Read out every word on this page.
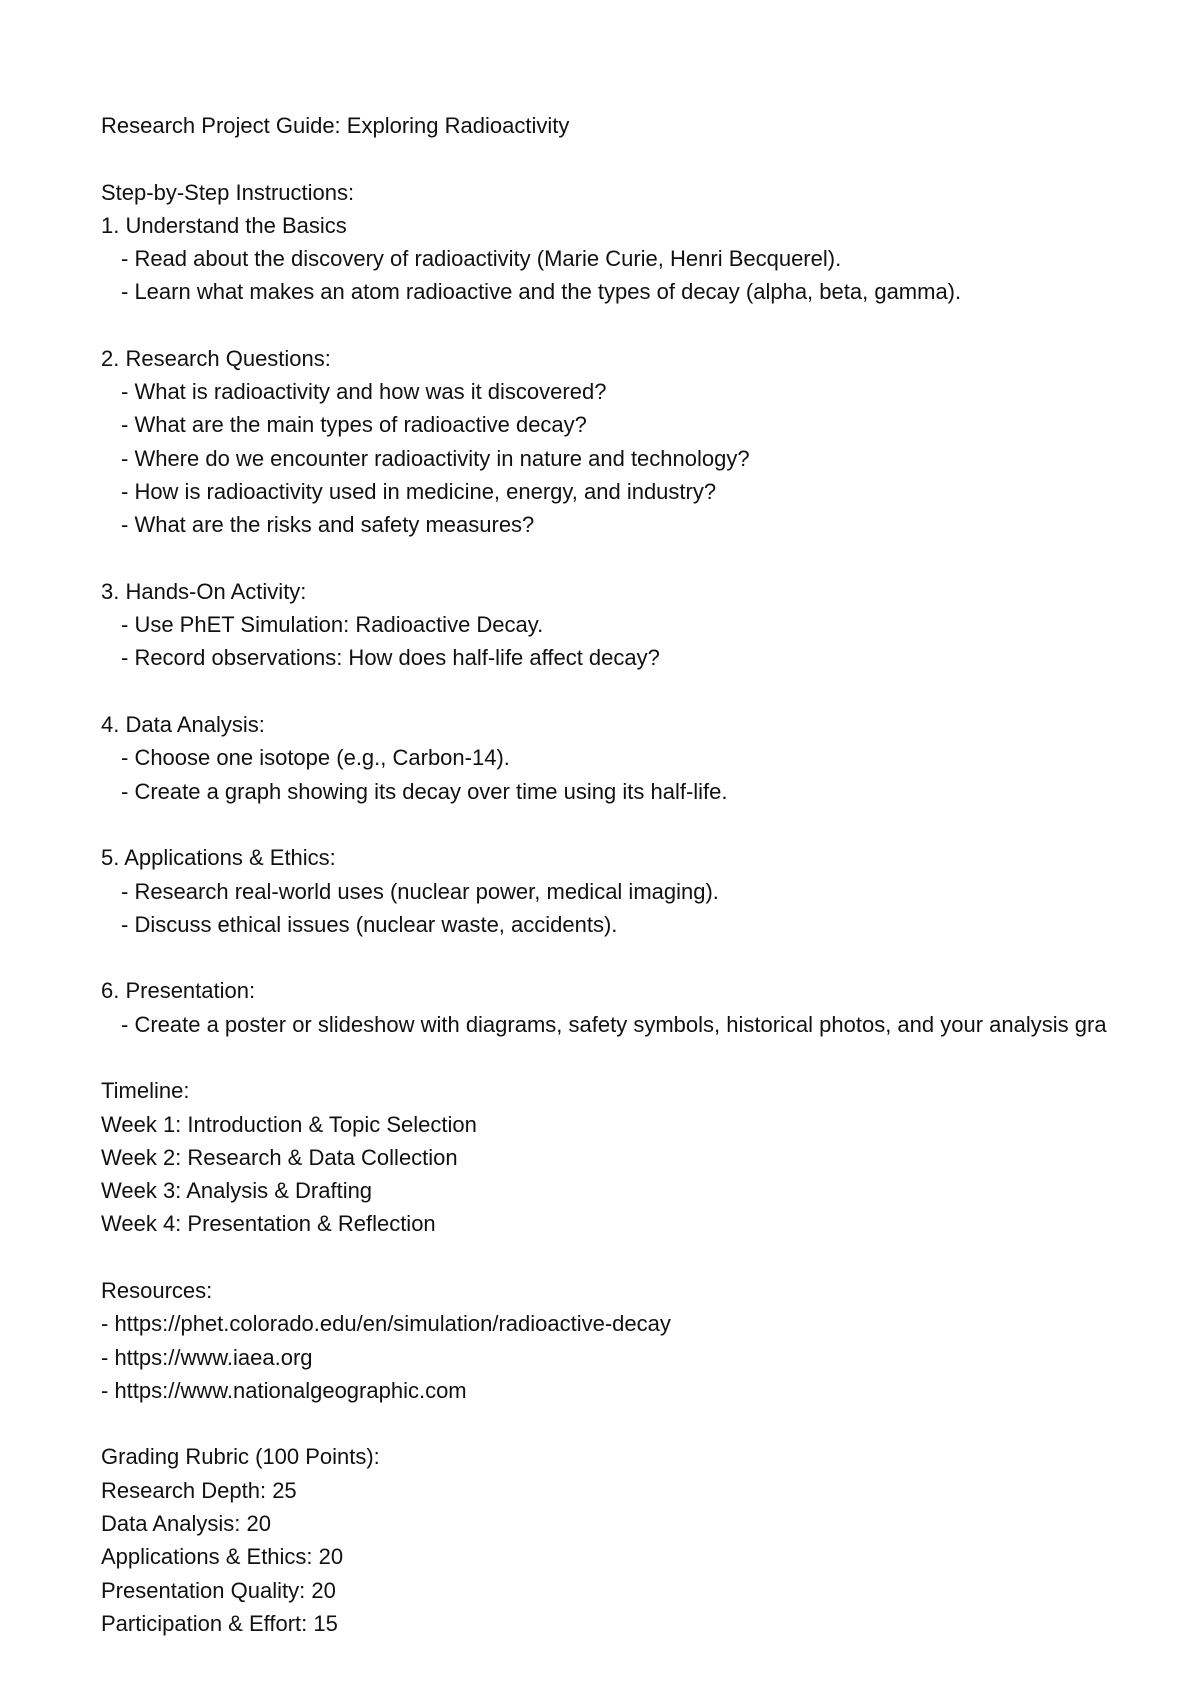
Research Project Guide: Exploring Radioactivity
Step-by-Step Instructions:
1. Understand the Basics
- Read about the discovery of radioactivity (Marie Curie, Henri Becquerel).
- Learn what makes an atom radioactive and the types of decay (alpha, beta, gamma).
2. Research Questions:
- What is radioactivity and how was it discovered?
- What are the main types of radioactive decay?
- Where do we encounter radioactivity in nature and technology?
- How is radioactivity used in medicine, energy, and industry?
- What are the risks and safety measures?
3. Hands-On Activity:
- Use PhET Simulation: Radioactive Decay.
- Record observations: How does half-life affect decay?
4. Data Analysis:
- Choose one isotope (e.g., Carbon-14).
- Create a graph showing its decay over time using its half-life.
5. Applications & Ethics:
- Research real-world uses (nuclear power, medical imaging).
- Discuss ethical issues (nuclear waste, accidents).
6. Presentation:
- Create a poster or slideshow with diagrams, safety symbols, historical photos, and your analysis gra
Timeline:
Week 1: Introduction & Topic Selection
Week 2: Research & Data Collection
Week 3: Analysis & Drafting
Week 4: Presentation & Reflection
Resources:
- https://phet.colorado.edu/en/simulation/radioactive-decay
- https://www.iaea.org
- https://www.nationalgeographic.com
Grading Rubric (100 Points):
Research Depth: 25
Data Analysis: 20
Applications & Ethics: 20
Presentation Quality: 20
Participation & Effort: 15
